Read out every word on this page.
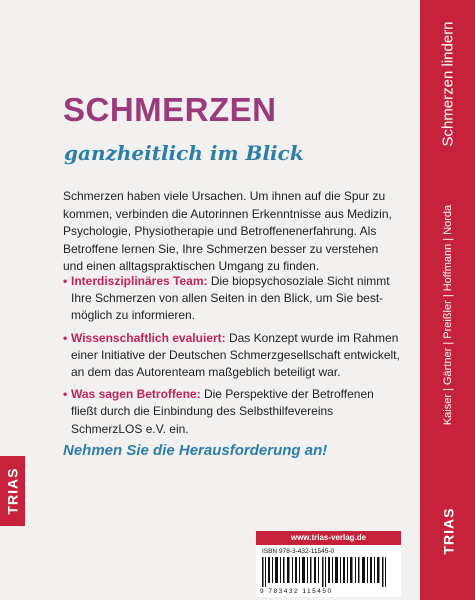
SCHMERZEN
ganzheitlich im Blick

Schmerzen haben viele Ursachen. Um ihnen auf die Spur zu kommen, verbinden die Autorinnen Erkenntnisse aus Medizin, Psychologie, Physiotherapie und Betroffenenerfahrung. Als Betroffene lernen Sie, Ihre Schmerzen besser zu verstehen und einen alltagspraktischen Umgang zu finden.

• Interdisziplinäres Team: Die biopsychosoziale Sicht nimmt Ihre Schmerzen von allen Seiten in den Blick, um Sie best-möglich zu informieren.
• Wissenschaftlich evaluiert: Das Konzept wurde im Rahmen einer Initiative der Deutschen Schmerzgesellschaft entwickelt, an dem das Autorenteam maßgeblich beteiligt war.
• Was sagen Betroffene: Die Perspektive der Betroffenen fließt durch die Einbindung des Selbsthilfevereins SchmerzLOS e.V. ein.

Nehmen Sie die Herausforderung an!

TRIAS
www.trias-verlag.de
ISBN 978-3-432-11545-0
9 783432 115450
Schmerzen lindern
Kaiser | Gärtner | Preißler | Hoffmann | Nordа
TRIAS
